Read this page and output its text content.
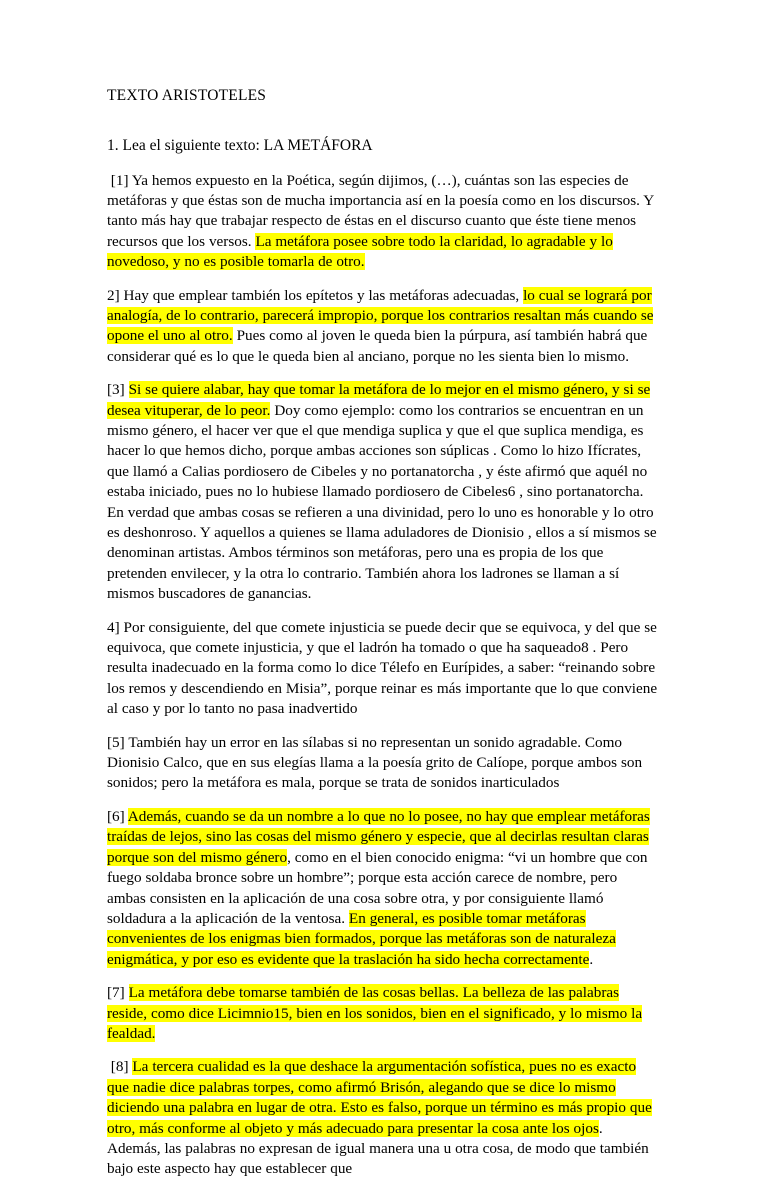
TEXTO ARISTOTELES
1. Lea el siguiente texto: LA METÁFORA

[1] Ya hemos expuesto en la Poética, según dijimos, (…), cuántas son las especies de metáforas y que éstas son de mucha importancia así en la poesía como en los discursos. Y tanto más hay que trabajar respecto de éstas en el discurso cuanto que éste tiene menos recursos que los versos. La metáfora posee sobre todo la claridad, lo agradable y lo novedoso, y no es posible tomarla de otro.

2] Hay que emplear también los epítetos y las metáforas adecuadas, lo cual se logrará por analogía, de lo contrario, parecerá impropio, porque los contrarios resaltan más cuando se opone el uno al otro. Pues como al joven le queda bien la púrpura, así también habrá que considerar qué es lo que le queda bien al anciano, porque no les sienta bien lo mismo.

[3] Si se quiere alabar, hay que tomar la metáfora de lo mejor en el mismo género, y si se desea vituperar, de lo peor. Doy como ejemplo: como los contrarios se encuentran en un mismo género, el hacer ver que el que mendiga suplica y que el que suplica mendiga, es hacer lo que hemos dicho, porque ambas acciones son súplicas . Como lo hizo Ifícrates, que llamó a Calias pordiosero de Cibeles y no portanatorcha , y éste afirmó que aquél no estaba iniciado, pues no lo hubiese llamado pordiosero de Cibeles6 , sino portanatorcha. En verdad que ambas cosas se refieren a una divinidad, pero lo uno es honorable y lo otro es deshonroso. Y aquellos a quienes se llama aduladores de Dionisio , ellos a sí mismos se denominan artistas. Ambos términos son metáforas, pero una es propia de los que pretenden envilecer, y la otra lo contrario. También ahora los ladrones se llaman a sí mismos buscadores de ganancias.

4] Por consiguiente, del que comete injusticia se puede decir que se equivoca, y del que se equivoca, que comete injusticia, y que el ladrón ha tomado o que ha saqueado8 . Pero resulta inadecuado en la forma como lo dice Télefo en Eurípides, a saber: “reinando sobre los remos y descendiendo en Misia”, porque reinar es más importante que lo que conviene al caso y por lo tanto no pasa inadvertido

[5] También hay un error en las sílabas si no representan un sonido agradable. Como Dionisio Calco, que en sus elegías llama a la poesía grito de Calíope, porque ambos son sonidos; pero la metáfora es mala, porque se trata de sonidos inarticulados

[6] Además, cuando se da un nombre a lo que no lo posee, no hay que emplear metáforas traídas de lejos, sino las cosas del mismo género y especie, que al decirlas resultan claras porque son del mismo género, como en el bien conocido enigma: “vi un hombre que con fuego soldaba bronce sobre un hombre”; porque esta acción carece de nombre, pero ambas consisten en la aplicación de una cosa sobre otra, y por consiguiente llamó soldadura a la aplicación de la ventosa. En general, es posible tomar metáforas convenientes de los enigmas bien formados, porque las metáforas son de naturaleza enigmática, y por eso es evidente que la traslación ha sido hecha correctamente.

[7] La metáfora debe tomarse también de las cosas bellas. La belleza de las palabras reside, como dice Licimnio15, bien en los sonidos, bien en el significado, y lo mismo la fealdad.

[8] La tercera cualidad es la que deshace la argumentación sofística, pues no es exacto que nadie dice palabras torpes, como afirmó Brisón, alegando que se dice lo mismo diciendo una palabra en lugar de otra. Esto es falso, porque un término es más propio que otro, más conforme al objeto y más adecuado para presentar la cosa ante los ojos. Además, las palabras no expresan de igual manera una u otra cosa, de modo que también bajo este aspecto hay que establecer que
